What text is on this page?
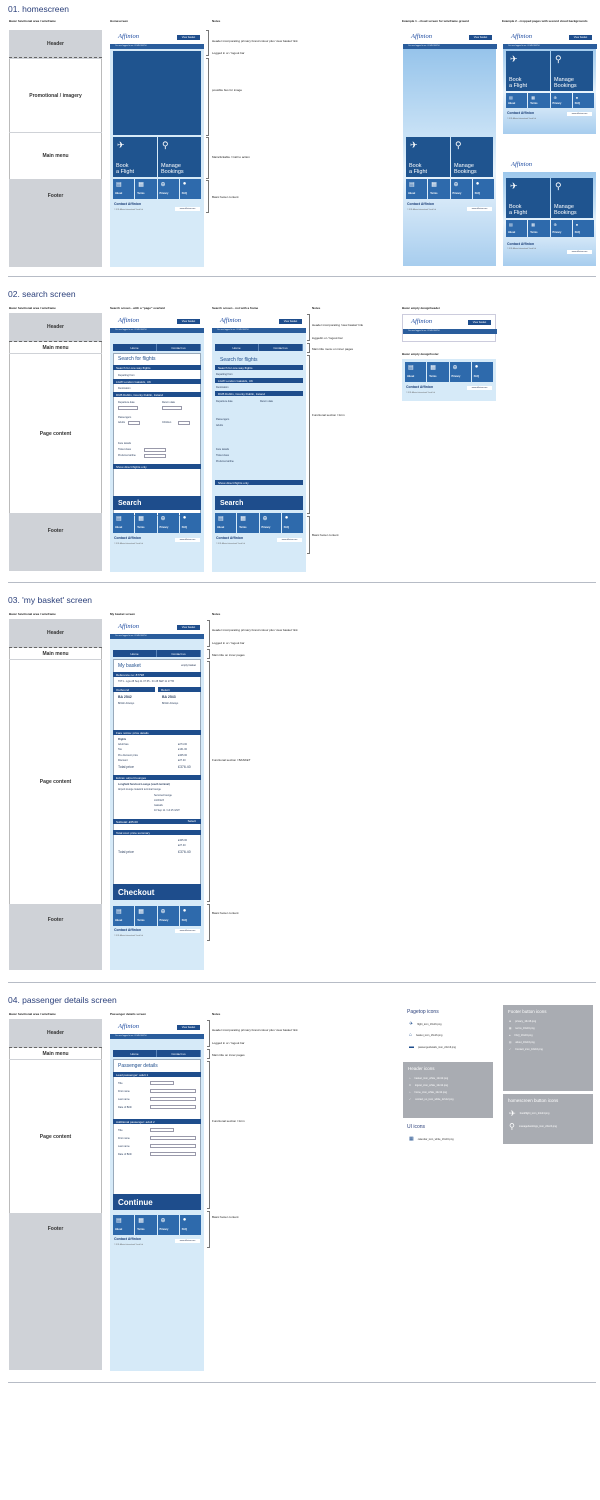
01. homescreen
Basic functional area / wireframe	Homescreen	Notes	Example 1 - cloud screen for wireframe ground	Example 2 - cropped pages with second cloud backgrounds
Header
Promotional / imagery
Main menu
Footer
Affinion	View basket
You are logged in as: JOHN SMITH
✈
Book
a Flight
⚲
Manage
Bookings
▤
About
▦
Terms
⊕
Privacy
●
FAQ
Contact Affinion
www.affinion.com
© 2011 Affinion International Travel Ltd
Header incorporating primary brand colour plus 'view basket' link
Logged in or / logout bar
possible bus for image
Mainclickable / Call to action
Basic footer content
Affinion	View basket
You are logged in as: JOHN SMITH
✈
Book
a Flight
⚲
Manage
Bookings
▤
About
▦
Terms
⊕
Privacy
●
FAQ
Contact Affinion
www.affinion.com
© 2011 Affinion International Travel Ltd
Affinion	View basket
You are logged in as: JOHN SMITH
✈
Book
a Flight
⚲
Manage
Bookings
▤
About
▦
Terms
⊕
Privacy
●
FAQ
Contact Affinion	www.affinion.com
© 2011 Affinion International Travel Ltd
Affinion
✈
Book
a Flight
⚲
Manage
Bookings
▤
About
▦
Terms
⊕
Privacy
●
FAQ
Contact Affinion
www.affinion.com
© 2011 Affinion International Travel Ltd
02. search screen
Basic functional area / wireframe	Search screen - with a "page" overlaid	Search screen - not with a frame	Notes	Basic empty designheader
Basic empty designfooter
Header
Main menu
Page content
Footer
Affinion	View basket
You are logged in as: JOHN SMITH
Home	Contact us
Search for flights
Search for one way flights
Departing from
LGW London Gatwick, UK
Destination
DUB Dublin, County Dublin, Ireland
Departure date	Return date
Passengers
Adults	Children
Fare details
Ticket class
Preferred airline
Show direct flights only
Search
▤
About
▦
Terms
⊕
Privacy
●
FAQ
Contact Affinion	www.affinion.com
© 2011 Affinion International Travel Ltd
Affinion	View basket
You are logged in as: JOHN SMITH
Home	Contact us
Search for flights
Search for one way flights
Departing from
LGW London Gatwick, UK
Destination
DUB Dublin, County Dublin, Ireland
Departure date	Return date
Passengers
Adults
Fare details
Ticket class
Preferred airline
Show direct flights only
Search
▤
About
▦
Terms
⊕
Privacy
●
FAQ
Contact Affinion	www.affinion.com
© 2011 Affinion International Travel Ltd
Header incorporating 'view basket' link
loggedin or / logout bar
Main title menu on inner pages
Functional section / form
Basic footer content
Affinion	View basket
You are logged in as: JOHN SMITH
▤
About
▦
Terms
⊕
Privacy
●
FAQ
Contact Affinion	www.affinion.com
© 2011 Affinion International Travel Ltd
03. 'my basket' screen
Basic functional area / wireframe	My basket screen	Notes
Header
Main menu
Page content
Footer
Affinion	View basket
You are logged in as: JOHN SMITH
Home	Contact us
My basket	empty basket
Reference no: 87798
T0T1 - Lgw 28 Sep 11 07:35 - Fri 28 SEP 11 17:55
Outbound	Return
BA 2542	BA 2543
British Airways	British Airways
Fare notice: price details
Flights
Adult fare	£274.00
Tax	£131.00
Pre discount price	£405.00
Discount	£27.40
Total price	£376.40
Extras: airport lounges
Longfield Serviced Lounge (south terminal)
Airport lounge Gatwick terminal lounge
Serviced lounge
LGW123
Gatwick
10 Sep 11 / 14:15 GMT
Subtotal: £65.00	Select
Total cost: price summary
£405.00
£27.40
Total price	£376.40
Checkout
▤
About
▦
Terms
⊕
Privacy
●
FAQ
Contact Affinion	www.affinion.com
© 2011 Affinion International Travel Ltd
Header incorporating primary brand colour plus 'view basket' link
Logged in or / logout bar
Main title on inner pages
Functional section / BASKET
Basic footer content
04. passenger details screen
Basic functional area / wireframe	Passenger details screen	Notes
Header
Main menu
Page content
Footer
Affinion	View basket
You are logged in as: JOHN SMITH
Home	Contact us
Passenger details
Lead passenger: adult 1
Title
First name
Last name
Date of Birth
Additional passenger: adult 2
Title
First name
Last name
Date of Birth
Continue
▤
About
▦
Terms
⊕
Privacy
●
FAQ
Contact Affinion	www.affinion.com
© 2011 Affinion International Travel Ltd
Header incorporating primary brand colour plus 'view basket' link
Logged in or / logout bar
Main title on inner pages
Functional section / form
Basic footer content
Pagetop icons
✈ flight_icon_16x16.png
⌂ basket_icon_16x16.png
▬ passengerdetails_icon_24x16.png
Header icons
⌂ basket_icon_white_12x12.png
⏻ logout_icon_white_12x12.png
⌂ home_icon_white_12x12.png
✓ contact_us_icon_white_12x12.png
UI icons
▦ calendar_icon_white_16x16.png
Footer button icons
⊕ privacy_16x16.png
▦ terms_16x16.png
● FAQ_16x16.png
▤ about_16x16.png
✓ Contact_icon_16x16.png
homescreen button icons
✈ bookflight_icon_24x24.png
⚲ managebookings_icon_24x24.png
